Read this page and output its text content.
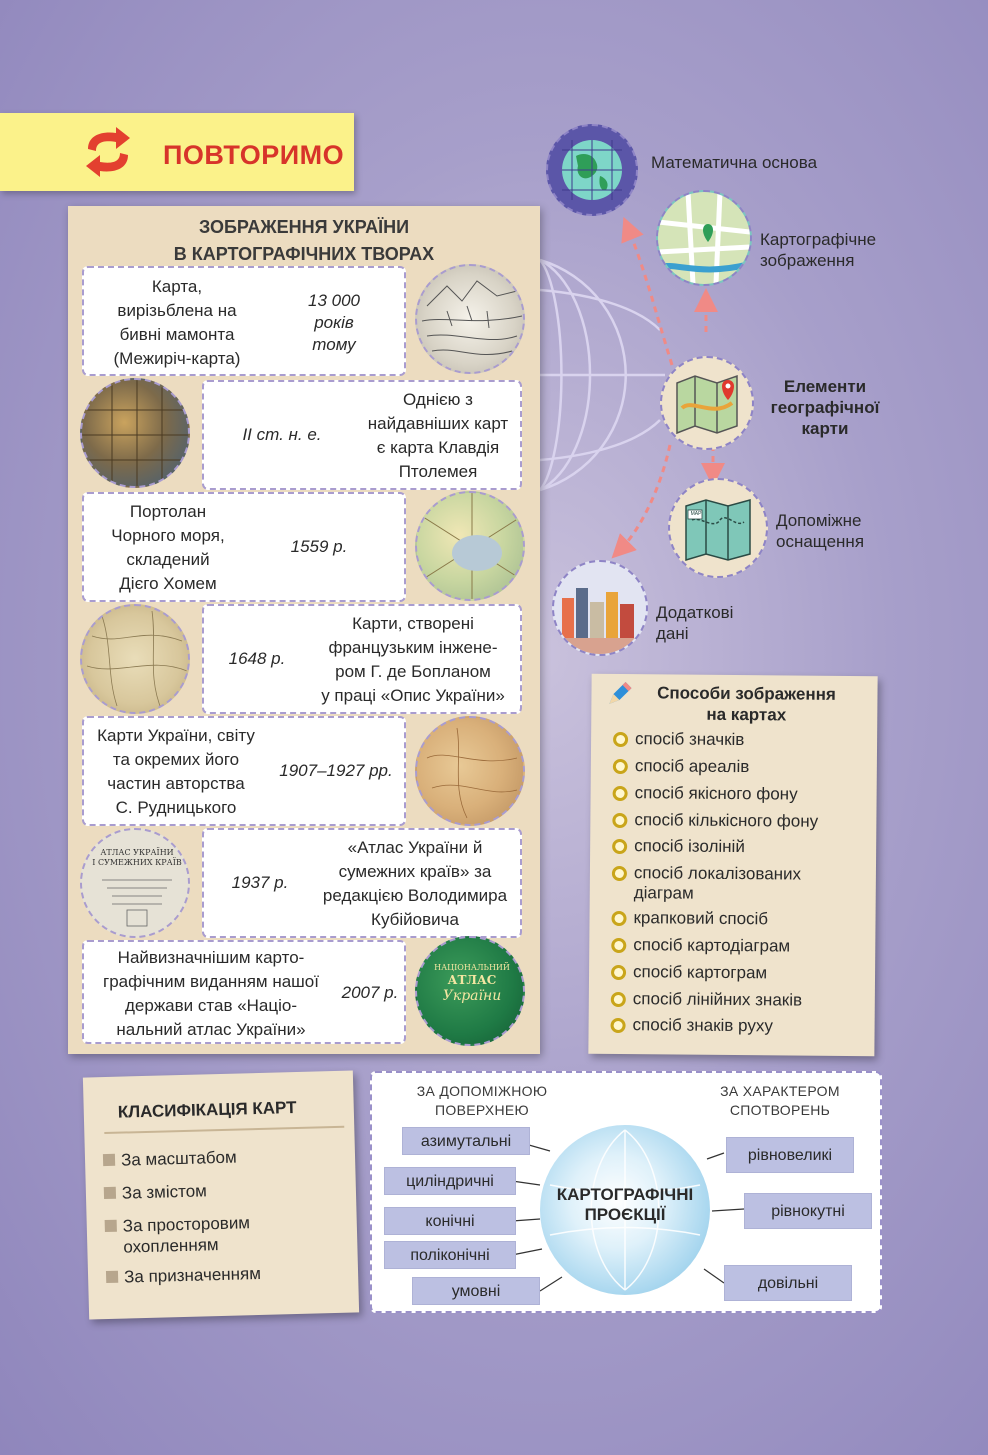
ПОВТОРИМО
ЗОБРАЖЕННЯ УКРАЇНИ
В КАРТОГРАФІЧНИХ ТВОРАХ
Карта,
вирізьблена на
бивні мамонта
(Межиріч-карта)
13 000
років
тому
ІІ ст. н. е.
Однією з
найдавніших карт
є карта Клавдія
Птолемея
Портолан
Чорного моря,
складений
Дієго Хомем
1559 р.
1648 р.
Карти, створені
французьким інжене-
ром Г. де Бопланом
у праці «Опис України»
Карти України, світу
та окремих його
частин авторства
С. Рудницького
1907–1927 рр.
АТЛАС УКРАЇНИ
І СУМЕЖНИХ КРАЇВ
1937 р.
«Атлас України й
сумежних країв» за
редакцією Володимира
Кубійовича
Найвизначнішим карто-
графічним виданням нашої
держави став «Націо-
нальний атлас України»
2007 р.
НАЦІОНАЛЬНИЙ
АТЛАС
України
Математична основа
Картографічне
зображення
Елементи
географічної
карти
MAP	Допоміжне
оснащення
Додаткові
дані
Способи зображення
на картах
спосіб значків
спосіб ареалів
спосіб якісного фону
спосіб кількісного фону
спосіб ізоліній
спосіб локалізованих
діаграм
крапковий спосіб
спосіб картодіаграм
спосіб картограм
спосіб лінійних знаків
спосіб знаків руху
КЛАСИФІКАЦІЯ КАРТ
За масштабом
За змістом
За просторовим
охопленням
За призначенням
ЗА ДОПОМІЖНОЮ
ПОВЕРХНЕЮ
ЗА ХАРАКТЕРОМ
СПОТВОРЕНЬ
КАРТОГРАФІЧНІ
ПРОЄКЦІЇ
азимутальні
циліндричні
конічні
поліконічні
умовні
рівновеликі
рівнокутні
довільні
